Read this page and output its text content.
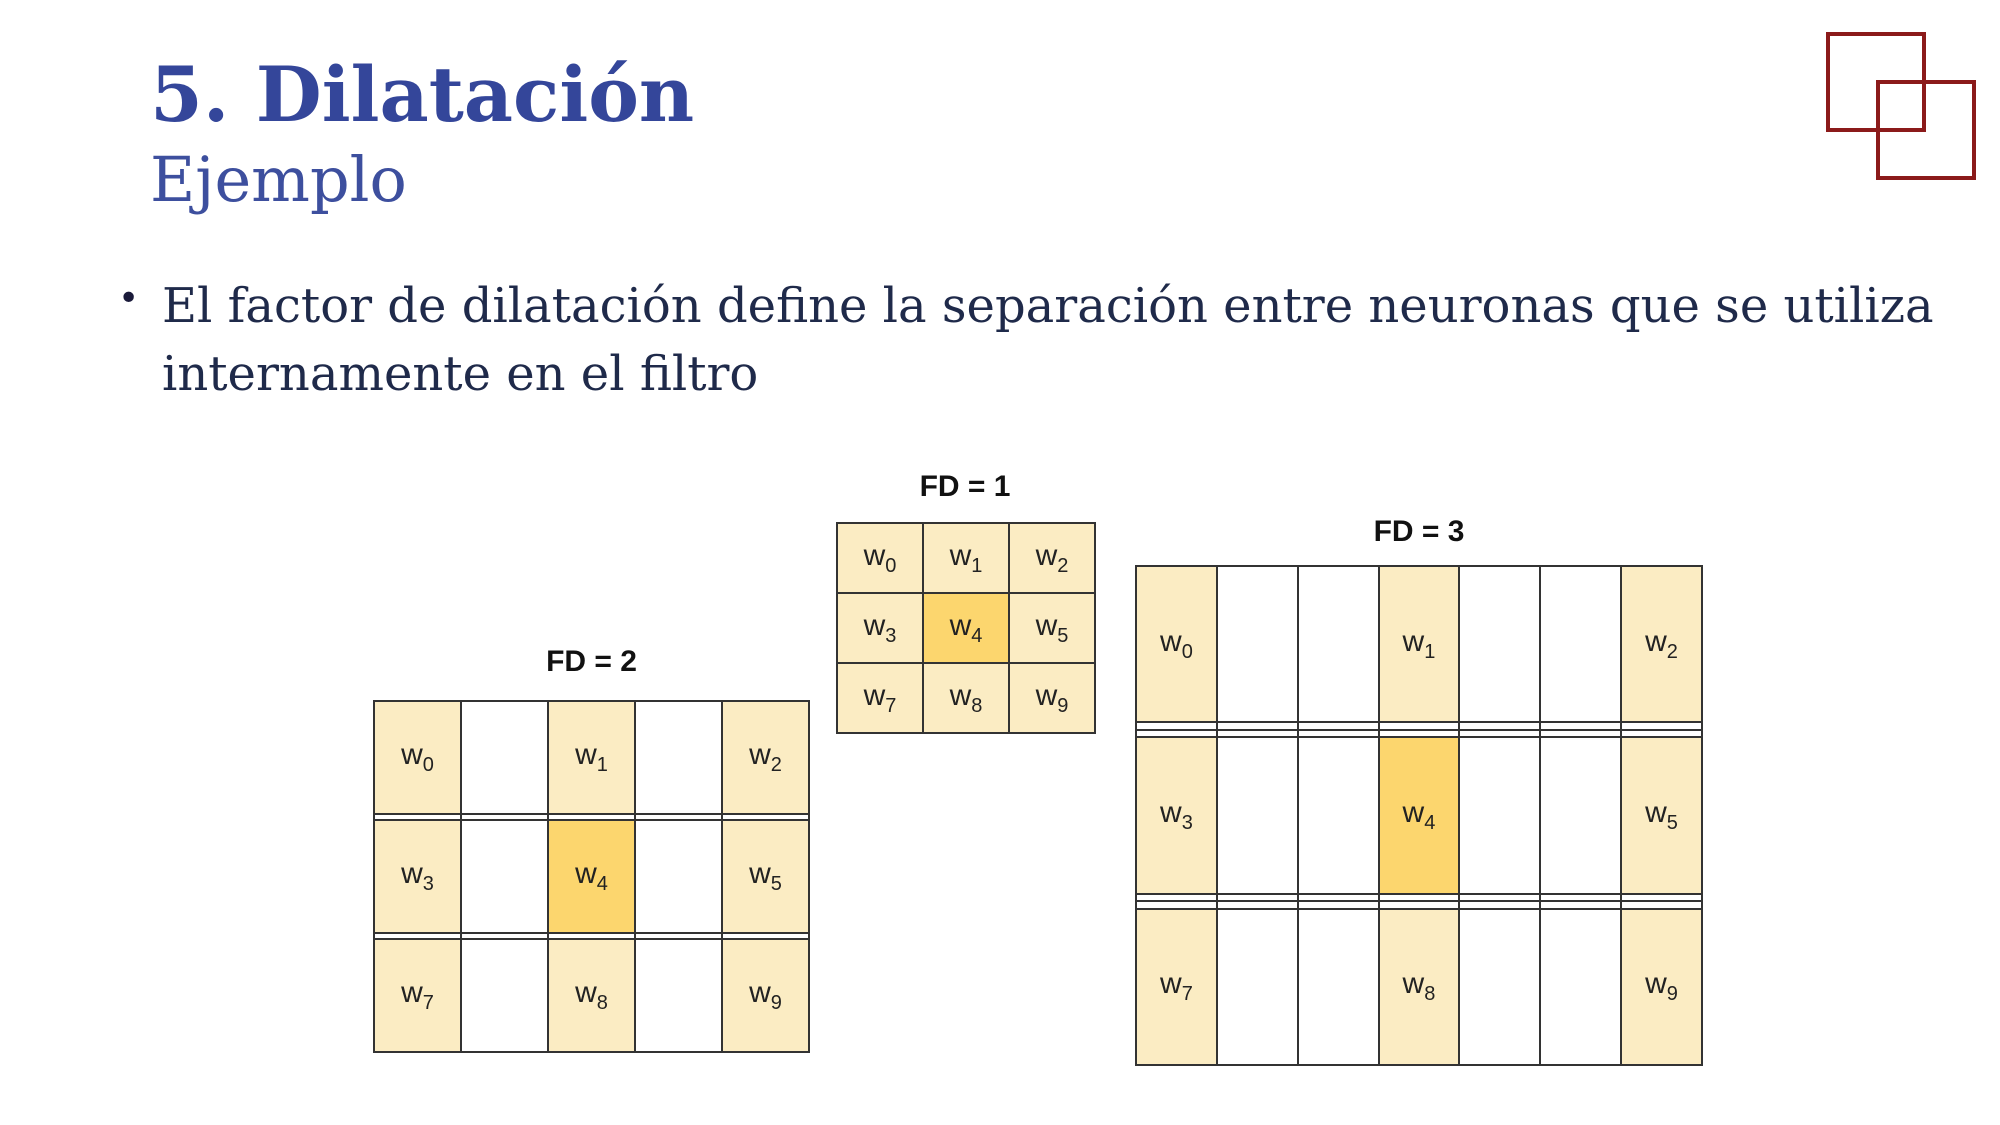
5. Dilatación
Ejemplo
• El factor de dilatación define la separación entre neuronas que se utiliza internamente en el filtro

FD = 1
$w_0$	$w_1$	$w_2$
$w_3$	$w_4$	$w_5$
$w_7$	$w_8$	$w_9$
FD = 2
$w_0$		$w_1$		$w_2$

$w_3$		$w_4$		$w_5$

$w_7$		$w_8$		$w_9$
FD = 3
$w_0$			$w_1$			$w_2$

$w_3$			$w_4$			$w_5$

$w_7$			$w_8$			$w_9$
